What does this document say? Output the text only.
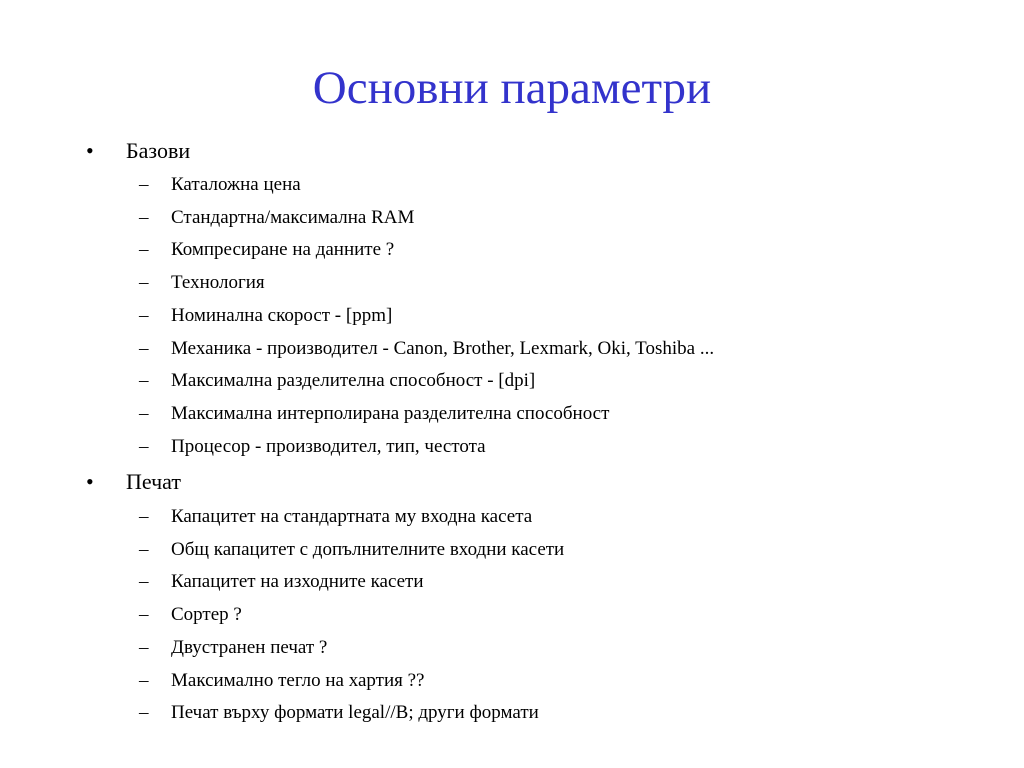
Основни параметри
• Базови
– Каталожна цена
– Стандартна/максимална RAM
– Компресиране на данните ?
– Технология
– Номинална скорост - [ppm]
– Механика - производител - Canon, Brother, Lexmark, Oki, Toshiba ...
– Максимална разделителна способност - [dpi]
– Максимална интерполирана разделителна способност
– Процесор - производител, тип, честота
• Печат
– Капацитет на стандартната му входна касета
– Общ капацитет с допълнителните входни касети
– Капацитет на изходните касети
– Сортер ?
– Двустранен печат ?
– Максимално тегло на хартия ??
– Печат върху формати legal//B; други формати
